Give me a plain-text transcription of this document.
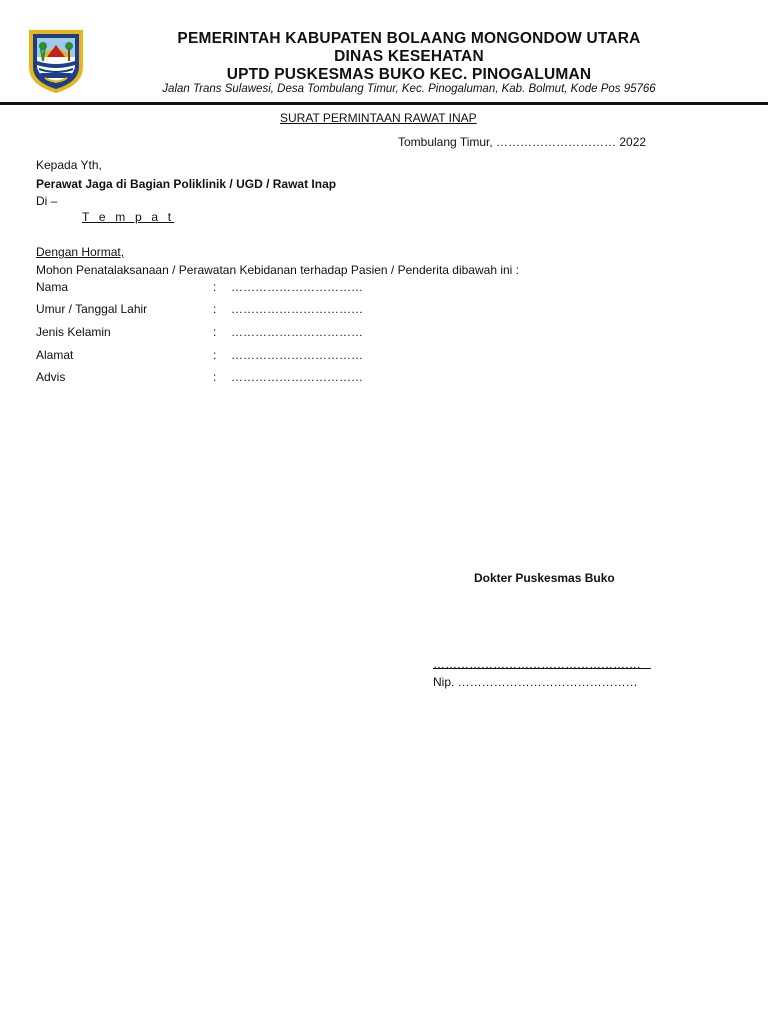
PEMERINTAH KABUPATEN BOLAANG MONGONDOW UTARA
DINAS KESEHATAN
UPTD PUSKESMAS BUKO KEC. PINOGALUMAN
Jalan Trans Sulawesi, Desa Tombulang Timur, Kec. Pinogaluman, Kab. Bolmut, Kode Pos 95766
SURAT PERMINTAAN RAWAT INAP
Tombulang Timur, ………………………… 2022
Kepada Yth,
Perawat Jaga di Bagian Poliklinik / UGD / Rawat Inap
Di –
T e m p a t
Dengan Hormat,
Mohon Penatalaksanaan / Perawatan Kebidanan terhadap Pasien / Penderita dibawah ini :
Nama	: ……………………………
Umur / Tanggal Lahir	: ……………………………
Jenis Kelamin	: ……………………………
Alamat	: ……………………………
Advis	: ……………………………
Dokter Puskesmas Buko
…………………………………………….
Nip. ………………………………………
